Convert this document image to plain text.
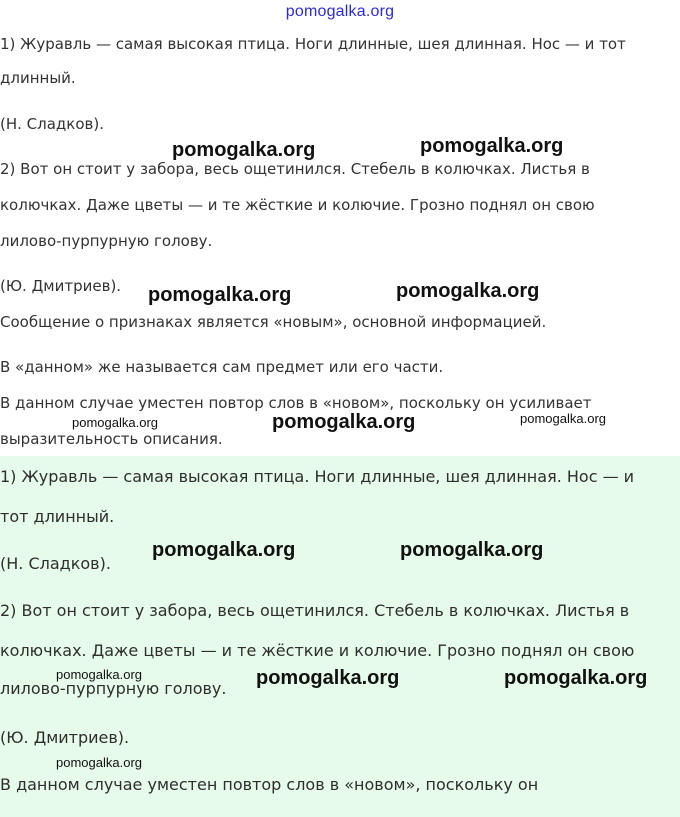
pomogalka.org

1) Журавль — самая высокая птица. Ноги длинные, шея длинная. Нос — и тот

длинный.

(Н. Сладков).

2) Вот он стоит у забора, весь ощетинился. Стебель в колючках. Листья в

колючках. Даже цветы — и те жёсткие и колючие. Грозно поднял он свою

лилово-пурпурную голову.

(Ю. Дмитриев).

Сообщение о признаках является «новым», основной информацией.

В «данном» же называется сам предмет или его части.

В данном случае уместен повтор слов в «новом», поскольку он усиливает

выразительность описания.

1) Журавль — самая высокая птица. Ноги длинные, шея длинная. Нос — и

тот длинный.

(Н. Сладков).

2) Вот он стоит у забора, весь ощетинился. Стебель в колючках. Листья в

колючках. Даже цветы — и те жёсткие и колючие. Грозно поднял он свою

лилово-пурпурную голову.

(Ю. Дмитриев).

В данном случае уместен повтор слов в «новом», поскольку он

pomogalka.org	pomogalka.org
pomogalka.org	pomogalka.org
pomogalka.org	pomogalka.org	pomogalka.org
pomogalka.org	pomogalka.org
pomogalka.org	pomogalka.org	pomogalka.org
pomogalka.org
